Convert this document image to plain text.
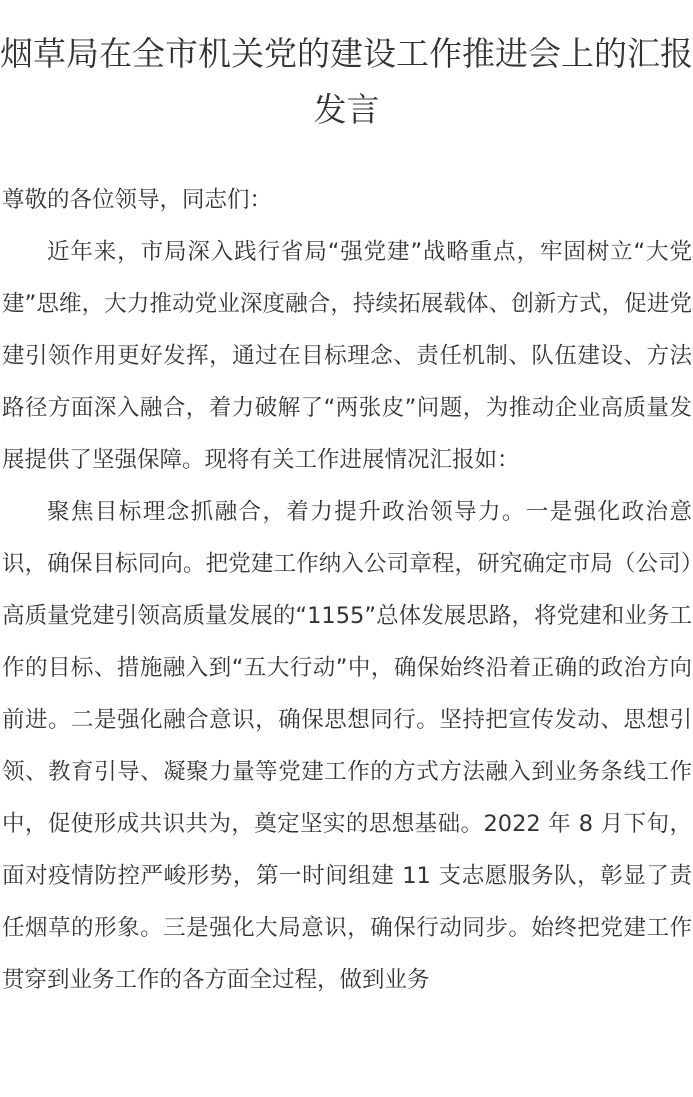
烟草局在全市机关党的建设工作推进会上的汇报发言

尊敬的各位领导，同志们：

近年来，市局深入践行省局“强党建”战略重点，牢固树立“大党建”思维，大力推动党业深度融合，持续拓展载体、创新方式，促进党建引领作用更好发挥，通过在目标理念、责任机制、队伍建设、方法路径方面深入融合，着力破解了“两张皮”问题，为推动企业高质量发展提供了坚强保障。现将有关工作进展情况汇报如：

聚焦目标理念抓融合，着力提升政治领导力。一是强化政治意识，确保目标同向。把党建工作纳入公司章程，研究确定市局（公司）高质量党建引领高质量发展的“1155”总体发展思路，将党建和业务工作的目标、措施融入到“五大行动”中，确保始终沿着正确的政治方向前进。二是强化融合意识，确保思想同行。坚持把宣传发动、思想引领、教育引导、凝聚力量等党建工作的方式方法融入到业务条线工作中，促使形成共识共为，奠定坚实的思想基础。2022 年 8 月下旬，面对疫情防控严峻形势，第一时间组建 11 支志愿服务队，彰显了责任烟草的形象。三是强化大局意识，确保行动同步。始终把党建工作贯穿到业务工作的各方面全过程，做到业务
